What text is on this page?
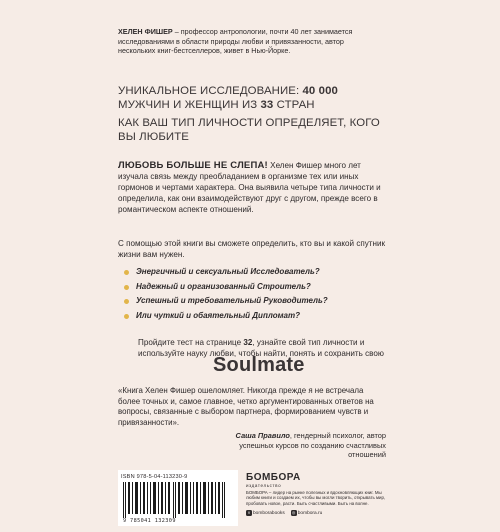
ХЕЛЕН ФИШЕР – профессор антропологии, почти 40 лет занимается исследованиями в области природы любви и привязанности, автор нескольких книг-бестселлеров, живет в Нью-Йорке.
УНИКАЛЬНОЕ ИССЛЕДОВАНИЕ: 40 000 МУЖЧИН И ЖЕНЩИН ИЗ 33 СТРАН
КАК ВАШ ТИП ЛИЧНОСТИ ОПРЕДЕЛЯЕТ, КОГО ВЫ ЛЮБИТЕ
ЛЮБОВЬ БОЛЬШЕ НЕ СЛЕПА! Хелен Фишер много лет изучала связь между преобладанием в организме тех или иных гормонов и чертами характера. Она выявила четыре типа личности и определила, как они взаимодействуют друг с другом, прежде всего в романтическом аспекте отношений.
С помощью этой книги вы сможете определить, кто вы и какой спутник жизни вам нужен.
Энергичный и сексуальный Исследователь?
Надежный и организованный Строитель?
Успешный и требовательный Руководитель?
Или чуткий и обаятельный Дипломат?
Пройдите тест на странице 32, узнайте свой тип личности и используйте науку любви, чтобы найти, понять и сохранить свою
Soulmate
«Книга Хелен Фишер ошеломляет. Никогда прежде я не встречала более точных и, самое главное, четко аргументированных ответов на вопросы, связанные с выбором партнера, формированием чувств и привязанности».
Саша Правило, гендерный психолог, автор успешных курсов по созданию счастливых отношений
ISBN 978-5-04-113230-9
9 785041 132309
БОМБОРА
издательство
БОМБОРА – лидер на рынке полезных и вдохновляющих книг. Мы любим книги и создаем их, чтобы вы могли творить, открывать мир, пробовать новое, расти. Быть счастливыми. Быть на волне.
v bomborabooks ◎ bombora.ru
